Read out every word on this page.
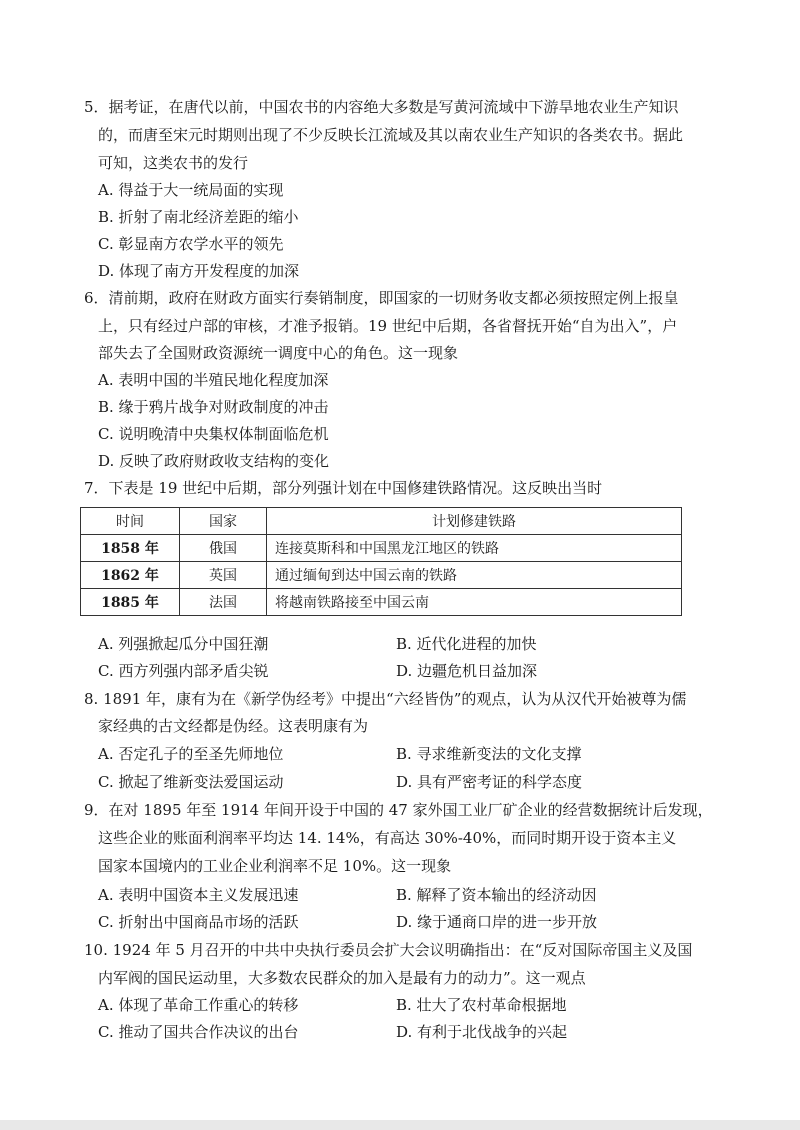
5．据考证，在唐代以前，中国农书的内容绝大多数是写黄河流域中下游旱地农业生产知识
的，而唐至宋元时期则出现了不少反映长江流域及其以南农业生产知识的各类农书。据此
可知，这类农书的发行
A. 得益于大一统局面的实现
B. 折射了南北经济差距的缩小
C. 彰显南方农学水平的领先
D. 体现了南方开发程度的加深
6．清前期，政府在财政方面实行奏销制度，即国家的一切财务收支都必须按照定例上报皇
上，只有经过户部的审核，才准予报销。19 世纪中后期，各省督抚开始“自为出入”，户
部失去了全国财政资源统一调度中心的角色。这一现象
A. 表明中国的半殖民地化程度加深
B. 缘于鸦片战争对财政制度的冲击
C. 说明晚清中央集权体制面临危机
D. 反映了政府财政收支结构的变化
7．下表是 19 世纪中后期，部分列强计划在中国修建铁路情况。这反映出当时
时间	国家	计划修建铁路
1858 年	俄国	连接莫斯科和中国黑龙江地区的铁路
1862 年	英国	通过缅甸到达中国云南的铁路
1885 年	法国	将越南铁路接至中国云南
A. 列强掀起瓜分中国狂潮	B. 近代化进程的加快
C. 西方列强内部矛盾尖锐	D. 边疆危机日益加深
8. 1891 年，康有为在《新学伪经考》中提出“六经皆伪”的观点，认为从汉代开始被尊为儒
家经典的古文经都是伪经。这表明康有为
A. 否定孔子的至圣先师地位	B. 寻求维新变法的文化支撑
C. 掀起了维新变法爱国运动	D. 具有严密考证的科学态度
9．在对 1895 年至 1914 年间开设于中国的 47 家外国工业厂矿企业的经营数据统计后发现，
这些企业的账面利润率平均达 14. 14%，有高达 30%-40%，而同时期开设于资本主义
国家本国境内的工业企业利润率不足 10%。这一现象
A. 表明中国资本主义发展迅速	B. 解释了资本输出的经济动因
C. 折射出中国商品市场的活跃	D. 缘于通商口岸的进一步开放
10. 1924 年 5 月召开的中共中央执行委员会扩大会议明确指出：在“反对国际帝国主义及国
内军阀的国民运动里，大多数农民群众的加入是最有力的动力”。这一观点
A. 体现了革命工作重心的转移	B. 壮大了农村革命根据地
C. 推动了国共合作决议的出台	D. 有利于北伐战争的兴起
